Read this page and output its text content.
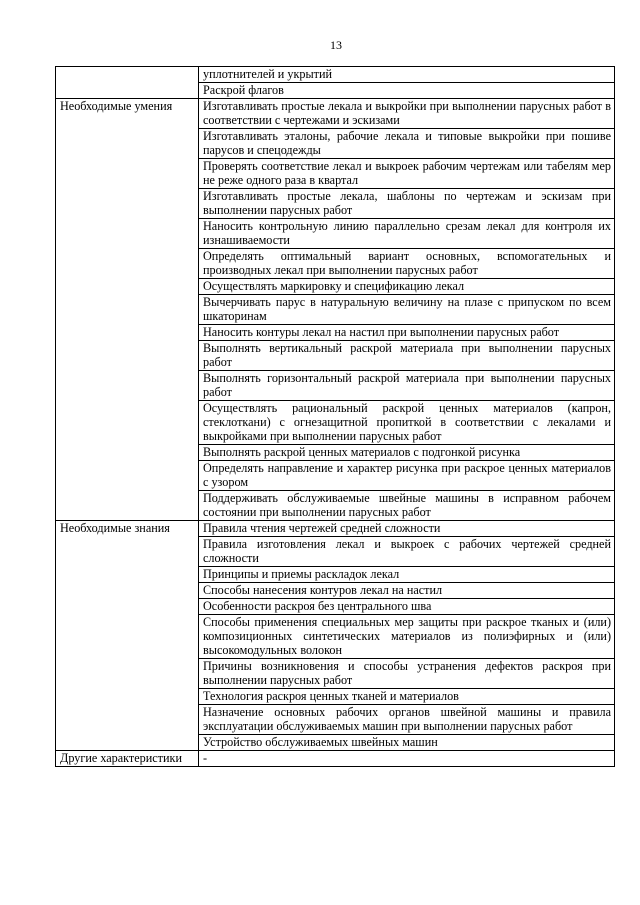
13
	уплотнителей и укрытий
	Раскрой флагов
Необходимые умения	Изготавливать простые лекала и выкройки при выполнении парусных работ в соответствии с чертежами и эскизами
	Изготавливать эталоны, рабочие лекала и типовые выкройки при пошиве парусов и спецодежды
	Проверять соответствие лекал и выкроек рабочим чертежам или табелям мер не реже одного раза в квартал
	Изготавливать простые лекала, шаблоны по чертежам и эскизам при выполнении парусных работ
	Наносить контрольную линию параллельно срезам лекал для контроля их изнашиваемости
	Определять оптимальный вариант основных, вспомогательных и производных лекал при выполнении парусных работ
	Осуществлять маркировку и спецификацию лекал
	Вычерчивать парус в натуральную величину на плазе с припуском по всем шкаторинам
	Наносить контуры лекал на настил при выполнении парусных работ
	Выполнять вертикальный раскрой материала при выполнении парусных работ
	Выполнять горизонтальный раскрой материала при выполнении парусных работ
	Осуществлять рациональный раскрой ценных материалов (капрон, стеклоткани) с огнезащитной пропиткой в соответствии с лекалами и выкройками при выполнении парусных работ
	Выполнять раскрой ценных материалов с подгонкой рисунка
	Определять направление и характер рисунка при раскрое ценных материалов с узором
	Поддерживать обслуживаемые швейные машины в исправном рабочем состоянии при выполнении парусных работ
Необходимые знания	Правила чтения чертежей средней сложности
	Правила изготовления лекал и выкроек с рабочих чертежей средней сложности
	Принципы и приемы раскладок лекал
	Способы нанесения контуров лекал на настил
	Особенности раскроя без центрального шва
	Способы применения специальных мер защиты при раскрое тканых и (или) композиционных синтетических материалов из полиэфирных и (или) высокомодульных волокон
	Причины возникновения и способы устранения дефектов раскроя при выполнении парусных работ
	Технология раскроя ценных тканей и материалов
	Назначение основных рабочих органов швейной машины и правила эксплуатации обслуживаемых машин при выполнении парусных работ
	Устройство обслуживаемых швейных машин
Другие характеристики	-
